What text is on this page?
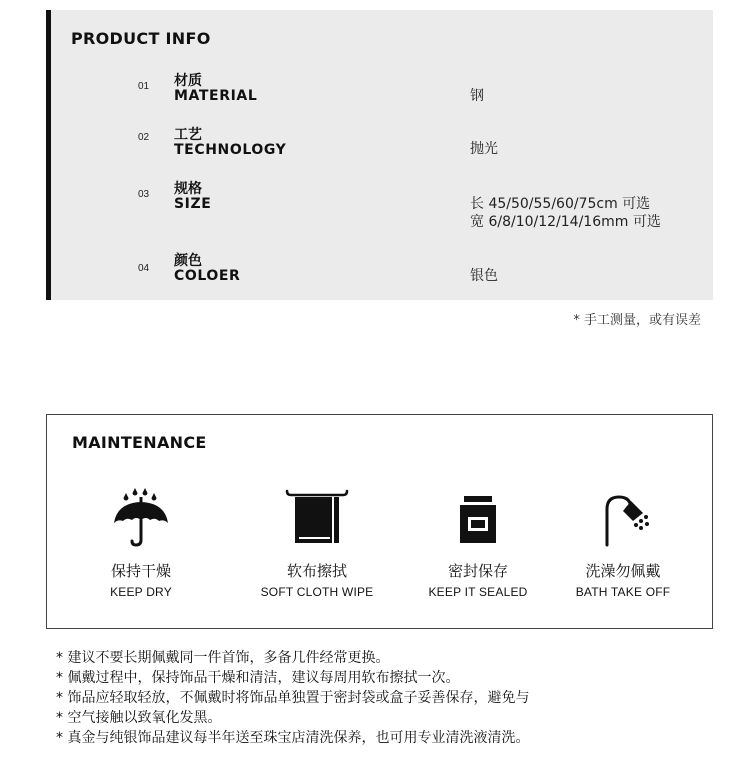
PRODUCT INFO
01 材质
MATERIAL	钢
02 工艺
TECHNOLOGY	抛光
03 规格
SIZE	长 45/50/55/60/75cm 可选
宽 6/8/10/12/14/16mm 可选
04 颜色
COLOER	银色
* 手工测量，或有误差
MAINTENANCE
保持干燥
KEEP DRY
软布擦拭
SOFT CLOTH WIPE
密封保存
KEEP IT SEALED
洗澡勿佩戴
BATH TAKE OFF
* 建议不要长期佩戴同一件首饰，多备几件经常更换。
* 佩戴过程中，保持饰品干燥和清洁，建议每周用软布擦拭一次。
* 饰品应轻取轻放，不佩戴时将饰品单独置于密封袋或盒子妥善保存，避免与
* 空气接触以致氧化发黑。
* 真金与纯银饰品建议每半年送至珠宝店清洗保养，也可用专业清洗液清洗。
